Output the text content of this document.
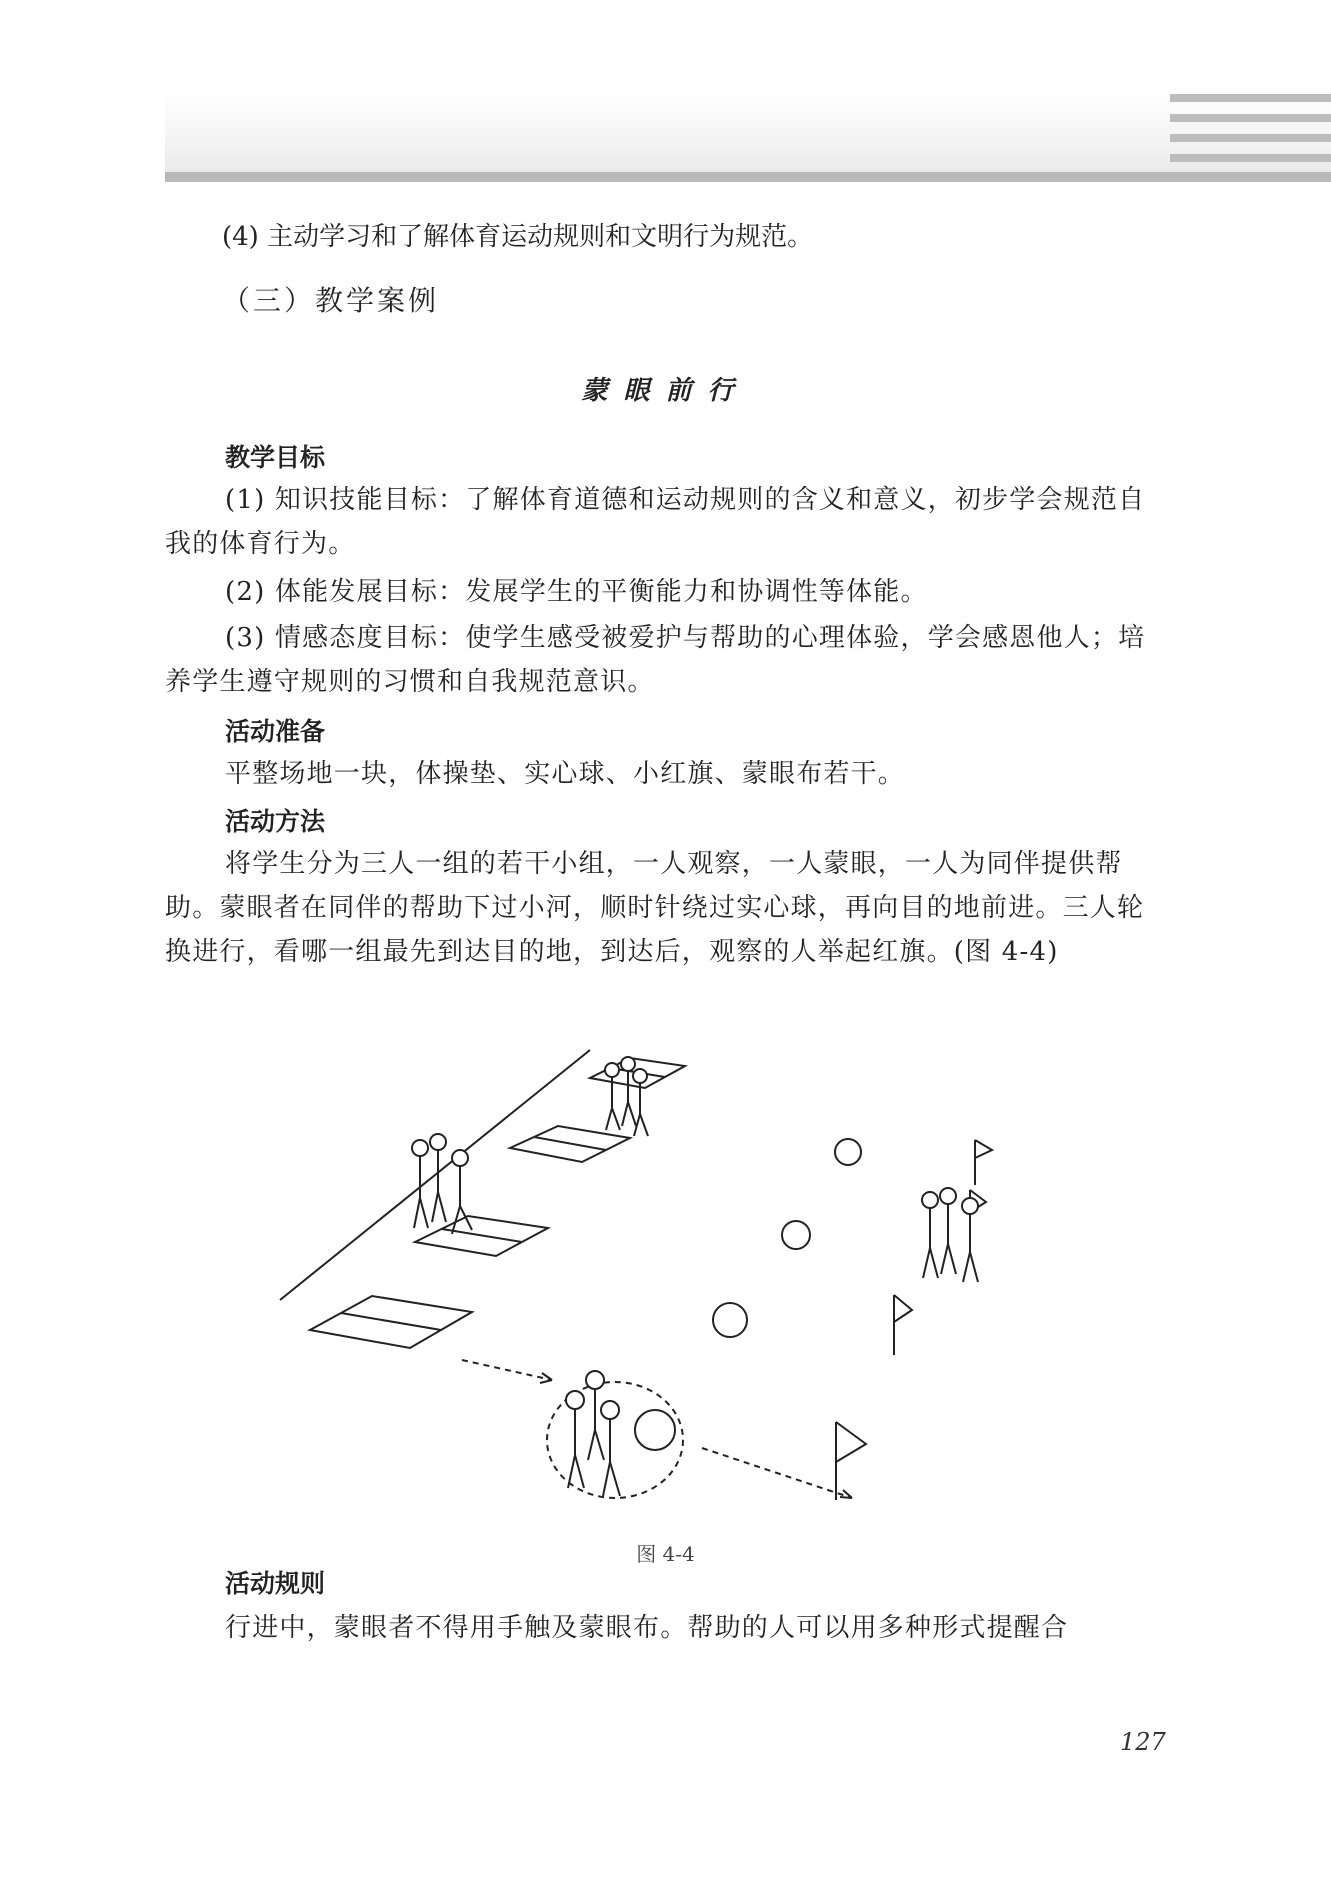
(4) 主动学习和了解体育运动规则和文明行为规范。
（三）教学案例
蒙眼前行
教学目标
(1) 知识技能目标：了解体育道德和运动规则的含义和意义，初步学会规范自我的体育行为。
(2) 体能发展目标：发展学生的平衡能力和协调性等体能。
(3) 情感态度目标：使学生感受被爱护与帮助的心理体验，学会感恩他人；培养学生遵守规则的习惯和自我规范意识。
活动准备
平整场地一块，体操垫、实心球、小红旗、蒙眼布若干。
活动方法
将学生分为三人一组的若干小组，一人观察，一人蒙眼，一人为同伴提供帮助。蒙眼者在同伴的帮助下过小河，顺时针绕过实心球，再向目的地前进。三人轮换进行，看哪一组最先到达目的地，到达后，观察的人举起红旗。(图 4-4)
图 4-4
活动规则
行进中，蒙眼者不得用手触及蒙眼布。帮助的人可以用多种形式提醒合
127
